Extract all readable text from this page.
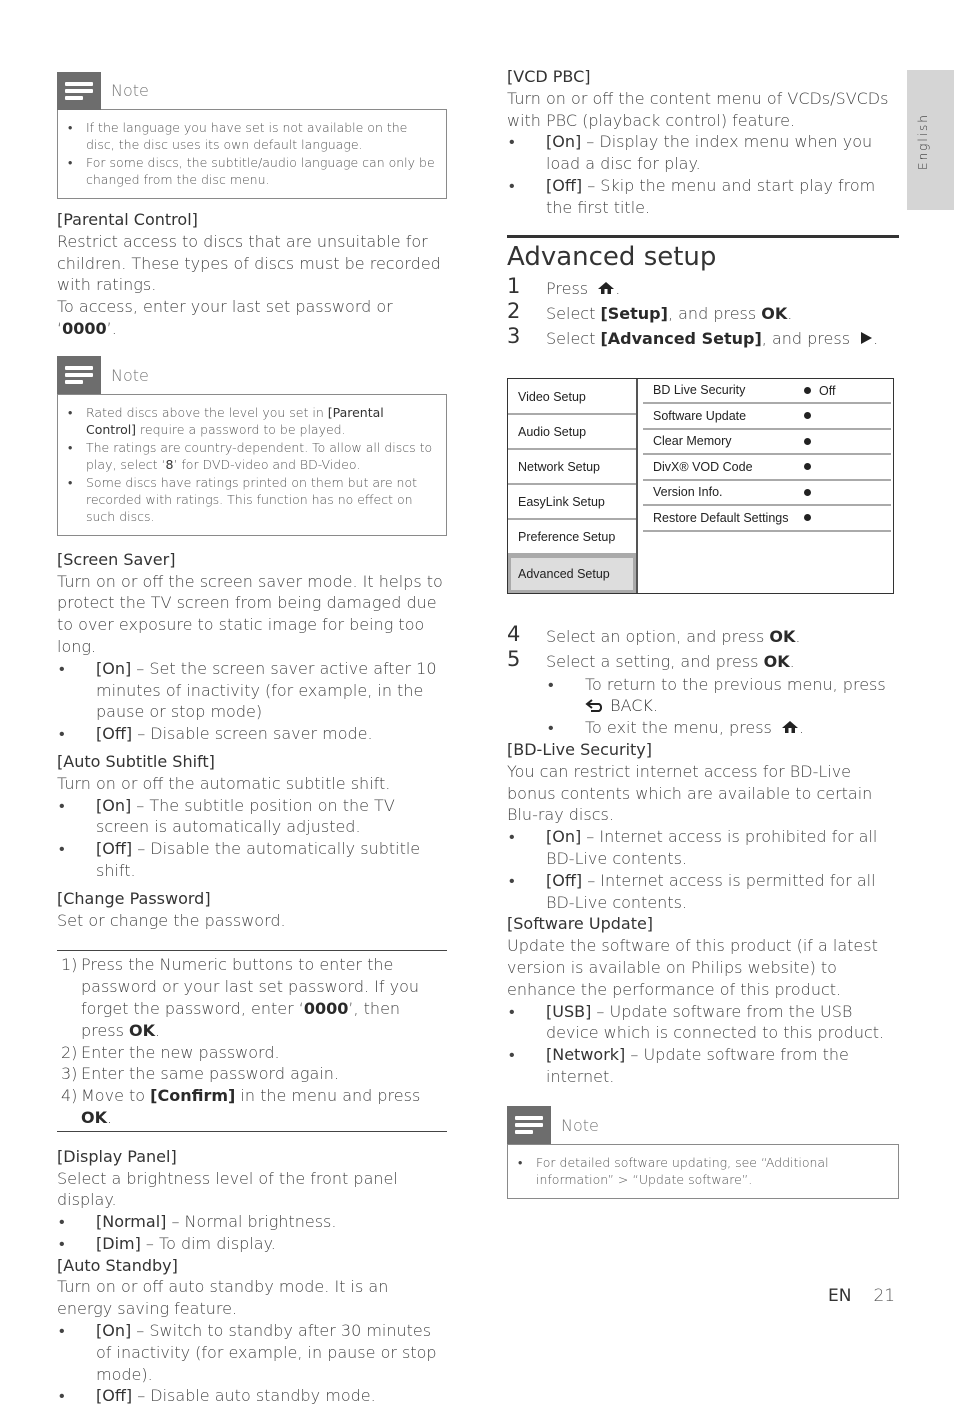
Note
• If the language you have set is not available on the disc, the disc uses its own default language.
• For some discs, the subtitle/audio language can only be changed from the disc menu.
[Parental Control]
Restrict access to discs that are unsuitable for children. These types of discs must be recorded with ratings.
To access, enter your last set password or ‘0000’.
Note
• Rated discs above the level you set in [Parental Control] require a password to be played.
• The ratings are country-dependent. To allow all discs to play, select ‘8’ for DVD-video and BD-Video.
• Some discs have ratings printed on them but are not recorded with ratings. This function has no effect on such discs.
[Screen Saver]
Turn on or off the screen saver mode. It helps to protect the TV screen from being damaged due to over exposure to static image for being too long.
• [On] – Set the screen saver active after 10 minutes of inactivity (for example, in the pause or stop mode)
• [Off] – Disable screen saver mode.
[Auto Subtitle Shift]
Turn on or off the automatic subtitle shift.
• [On] – The subtitle position on the TV screen is automatically adjusted.
• [Off] – Disable the automatically subtitle shift.
[Change Password]
Set or change the password.
1) Press the Numeric buttons to enter the password or your last set password. If you forget the password, enter ‘0000’, then press OK.
2) Enter the new password.
3) Enter the same password again.
4) Move to [Confirm] in the menu and press OK.
[Display Panel]
Select a brightness level of the front panel display.
• [Normal] – Normal brightness.
• [Dim] – To dim display.
[Auto Standby]
Turn on or off auto standby mode. It is an energy saving feature.
• [On] – Switch to standby after 30 minutes of inactivity (for example, in pause or stop mode).
• [Off] – Disable auto standby mode.
[VCD PBC]
Turn on or off the content menu of VCDs/SVCDs with PBC (playback control) feature.
• [On] – Display the index menu when you load a disc for play.
• [Off] – Skip the menu and start play from the first title.
Advanced setup
1 Press .
2 Select [Setup], and press OK.
3 Select [Advanced Setup], and press .
Video Setup
Audio Setup
Network Setup
EasyLink Setup
Preference Setup
Advanced Setup
BD Live Security	Off
Software Update
Clear Memory
DivX® VOD Code
Version Info.
Restore Default Settings
4 Select an option, and press OK.
5 Select a setting, and press OK.
• To return to the previous menu, press
BACK.
• To exit the menu, press .
[BD-Live Security]
You can restrict internet access for BD-Live bonus contents which are available to certain Blu-ray discs.
• [On] – Internet access is prohibited for all BD-Live contents.
• [Off] – Internet access is permitted for all BD-Live contents.
[Software Update]
Update the software of this product (if a latest version is available on Philips website) to enhance the performance of this product.
• [USB] – Update software from the USB device which is connected to this product.
• [Network] – Update software from the internet.
Note
• For detailed software updating, see “Additional information” > “Update software”.
English
EN 21
